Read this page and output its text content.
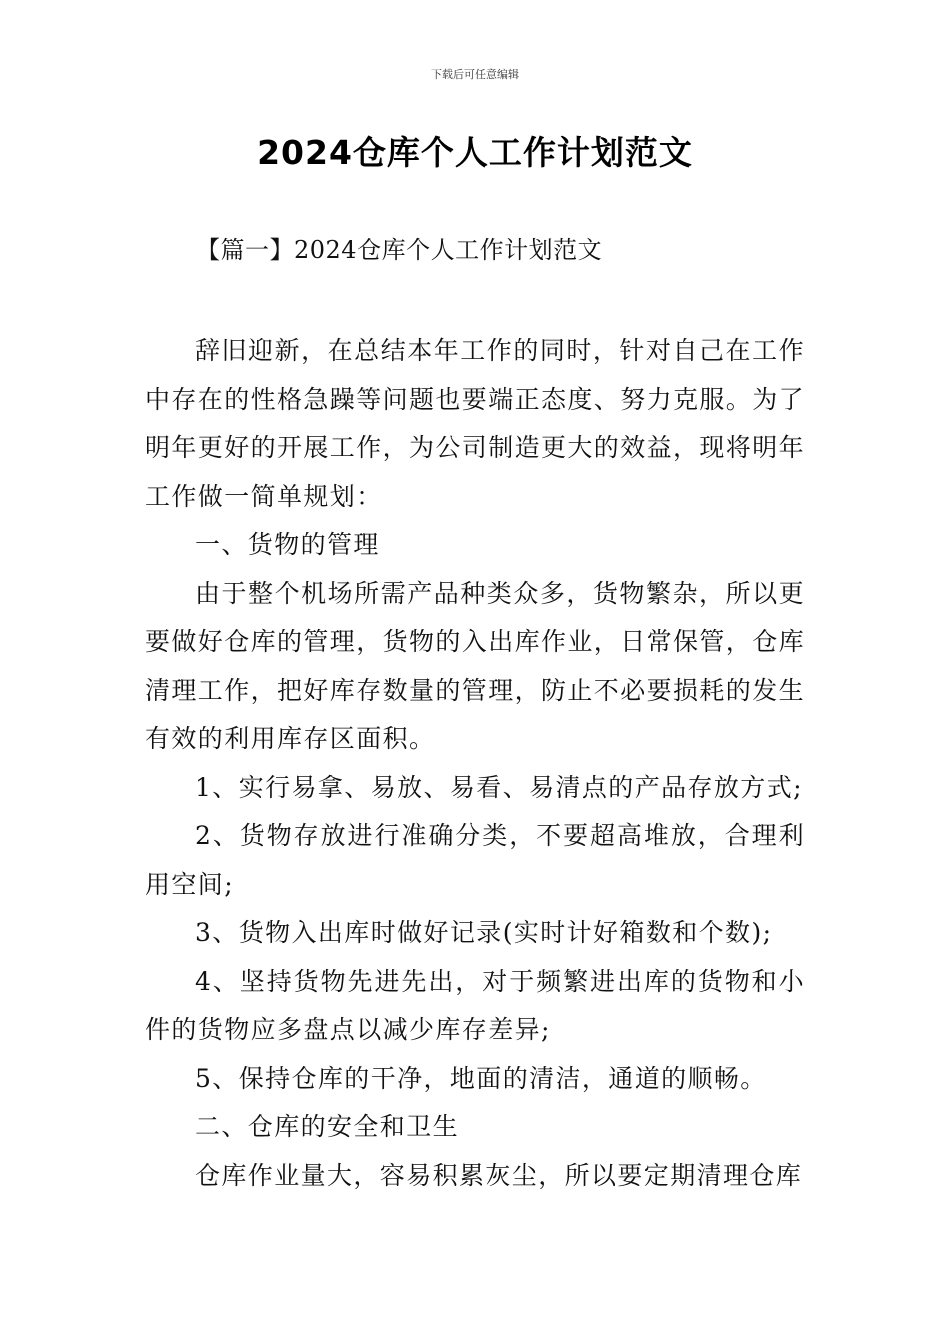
下载后可任意编辑
2024仓库个人工作计划范文
【篇一】2024仓库个人工作计划范文

辞旧迎新，在总结本年工作的同时，针对自己在工作中存在的性格急躁等问题也要端正态度、努力克服。为了明年更好的开展工作，为公司制造更大的效益，现将明年工作做一简单规划：

一、货物的管理

由于整个机场所需产品种类众多，货物繁杂，所以更要做好仓库的管理，货物的入出库作业，日常保管，仓库清理工作，把好库存数量的管理，防止不必要损耗的发生有效的利用库存区面积。

1、实行易拿、易放、易看、易清点的产品存放方式;

2、货物存放进行准确分类，不要超高堆放，合理利用空间;

3、货物入出库时做好记录(实时计好箱数和个数);

4、坚持货物先进先出，对于频繁进出库的货物和小件的货物应多盘点以减少库存差异;

5、保持仓库的干净，地面的清洁，通道的顺畅。

二、仓库的安全和卫生

仓库作业量大，容易积累灰尘，所以要定期清理仓库
